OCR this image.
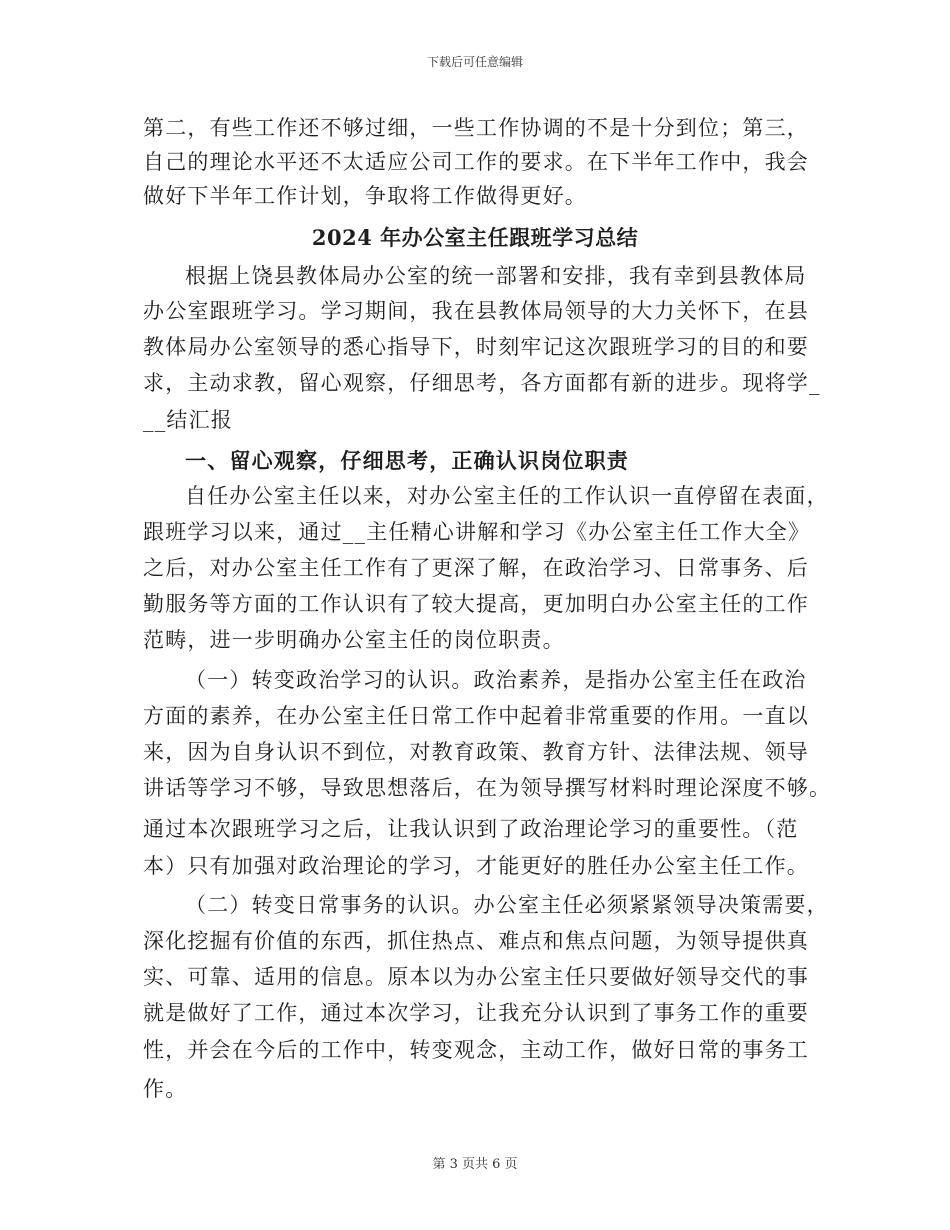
下载后可任意编辑
第二，有些工作还不够过细，一些工作协调的不是十分到位；第三，
自己的理论水平还不太适应公司工作的要求。在下半年工作中，我会
做好下半年工作计划，争取将工作做得更好。
2024 年办公室主任跟班学习总结
根据上饶县教体局办公室的统一部署和安排，我有幸到县教体局
办公室跟班学习。学习期间，我在县教体局领导的大力关怀下，在县
教体局办公室领导的悉心指导下，时刻牢记这次跟班学习的目的和要
求，主动求教，留心观察，仔细思考，各方面都有新的进步。现将学_
__结汇报
一、留心观察，仔细思考，正确认识岗位职责
自任办公室主任以来，对办公室主任的工作认识一直停留在表面，
跟班学习以来，通过__主任精心讲解和学习《办公室主任工作大全》
之后，对办公室主任工作有了更深了解，在政治学习、日常事务、后
勤服务等方面的工作认识有了较大提高，更加明白办公室主任的工作
范畴，进一步明确办公室主任的岗位职责。
（一）转变政治学习的认识。政治素养，是指办公室主任在政治
方面的素养，在办公室主任日常工作中起着非常重要的作用。一直以
来，因为自身认识不到位，对教育政策、教育方针、法律法规、领导
讲话等学习不够，导致思想落后，在为领导撰写材料时理论深度不够。
通过本次跟班学习之后，让我认识到了政治理论学习的重要性。（范
本）只有加强对政治理论的学习，才能更好的胜任办公室主任工作。
（二）转变日常事务的认识。办公室主任必须紧紧领导决策需要，
深化挖掘有价值的东西，抓住热点、难点和焦点问题，为领导提供真
实、可靠、适用的信息。原本以为办公室主任只要做好领导交代的事
就是做好了工作，通过本次学习，让我充分认识到了事务工作的重要
性，并会在今后的工作中，转变观念，主动工作，做好日常的事务工
作。
第 3 页共 6 页
